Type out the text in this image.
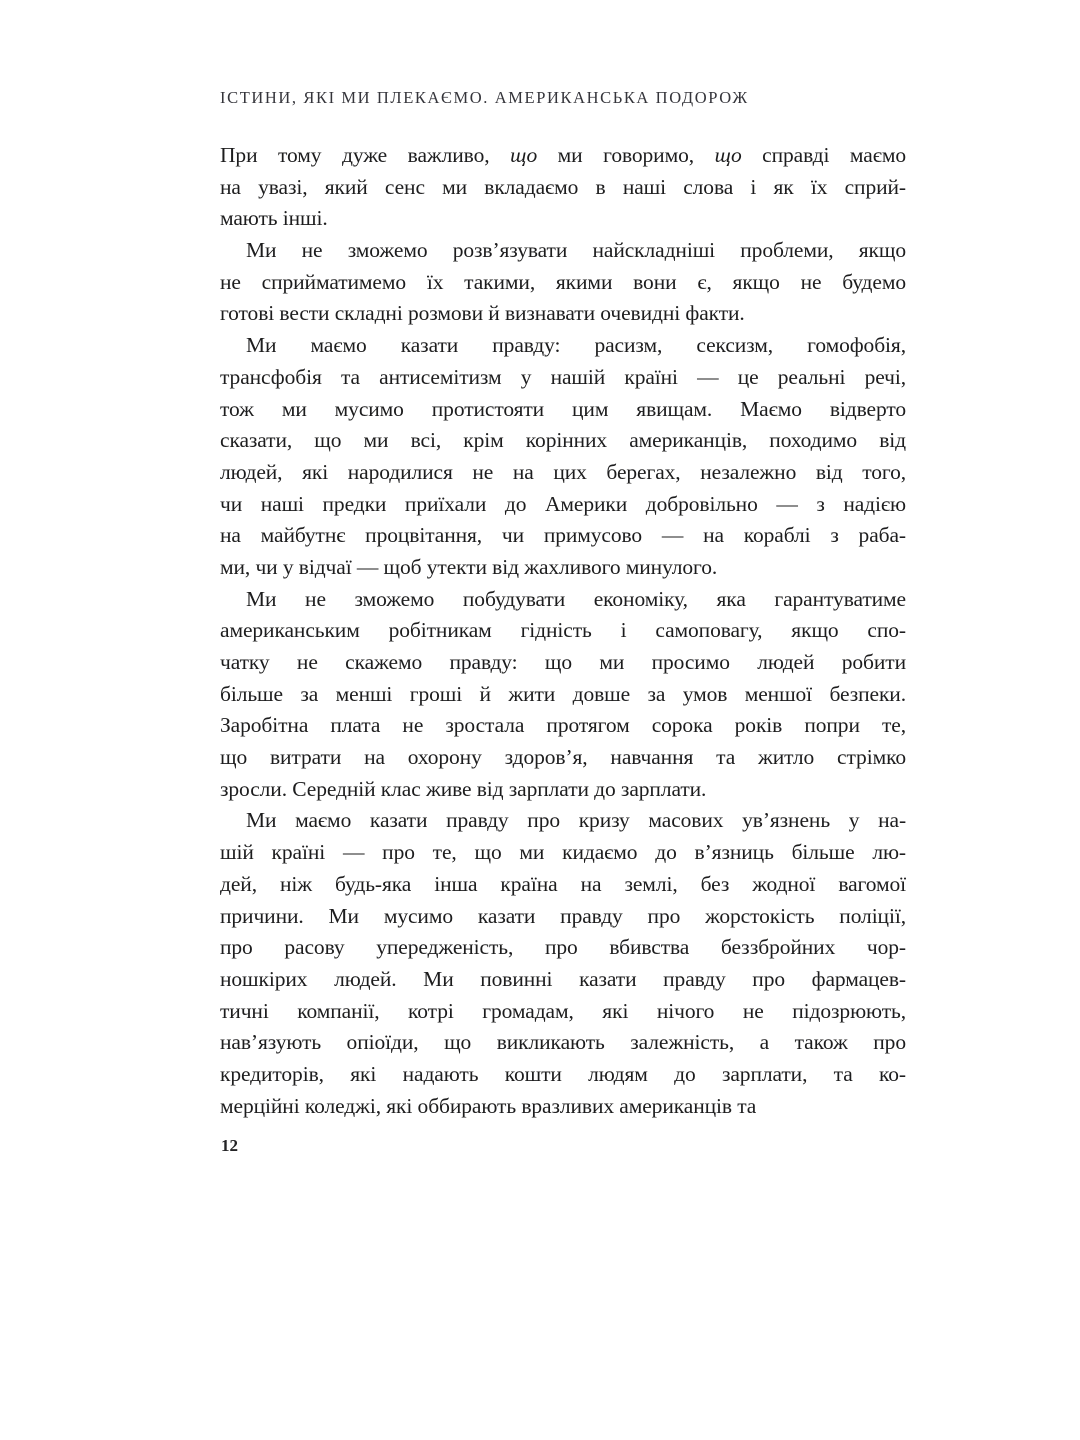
ІСТИНИ, ЯКІ МИ ПЛЕКАЄМО. АМЕРИКАНСЬКА ПОДОРОЖ
При тому дуже важливо, що ми говоримо, що справді маємо
на увазі, який сенс ми вкладаємо в наші слова і як їх сприй-
мають інші.
Ми не зможемо розв’язувати найскладніші проблеми, якщо
не сприйматимемо їх такими, якими вони є, якщо не будемо
готові вести складні розмови й визнавати очевидні факти.
Ми маємо казати правду: расизм, сексизм, гомофобія,
трансфобія та антисемітизм у нашій країні — це реальні речі,
тож ми мусимо протистояти цим явищам. Маємо відверто
сказати, що ми всі, крім корінних американців, походимо від
людей, які народилися не на цих берегах, незалежно від того,
чи наші предки приїхали до Америки добровільно — з надією
на майбутнє процвітання, чи примусово — на кораблі з раба-
ми, чи у відчаї — щоб утекти від жахливого минулого.
Ми не зможемо побудувати економіку, яка гарантуватиме
американським робітникам гідність і самоповагу, якщо спо-
чатку не скажемо правду: що ми просимо людей робити
більше за менші гроші й жити довше за умов меншої безпеки.
Заробітна плата не зростала протягом сорока років попри те,
що витрати на охорону здоров’я, навчання та житло стрімко
зросли. Середній клас живе від зарплати до зарплати.
Ми маємо казати правду про кризу масових ув’язнень у на-
шій країні — про те, що ми кидаємо до в’язниць більше лю-
дей, ніж будь-яка інша країна на землі, без жодної вагомої
причини. Ми мусимо казати правду про жорстокість поліції,
про расову упередженість, про вбивства беззбройних чор-
ношкірих людей. Ми повинні казати правду про фармацев-
тичні компанії, котрі громадам, які нічого не підозрюють,
нав’язують опіоїди, що викликають залежність, а також про
кредиторів, які надають кошти людям до зарплати, та ко-
мерційні коледжі, які оббирають вразливих американців та
12
